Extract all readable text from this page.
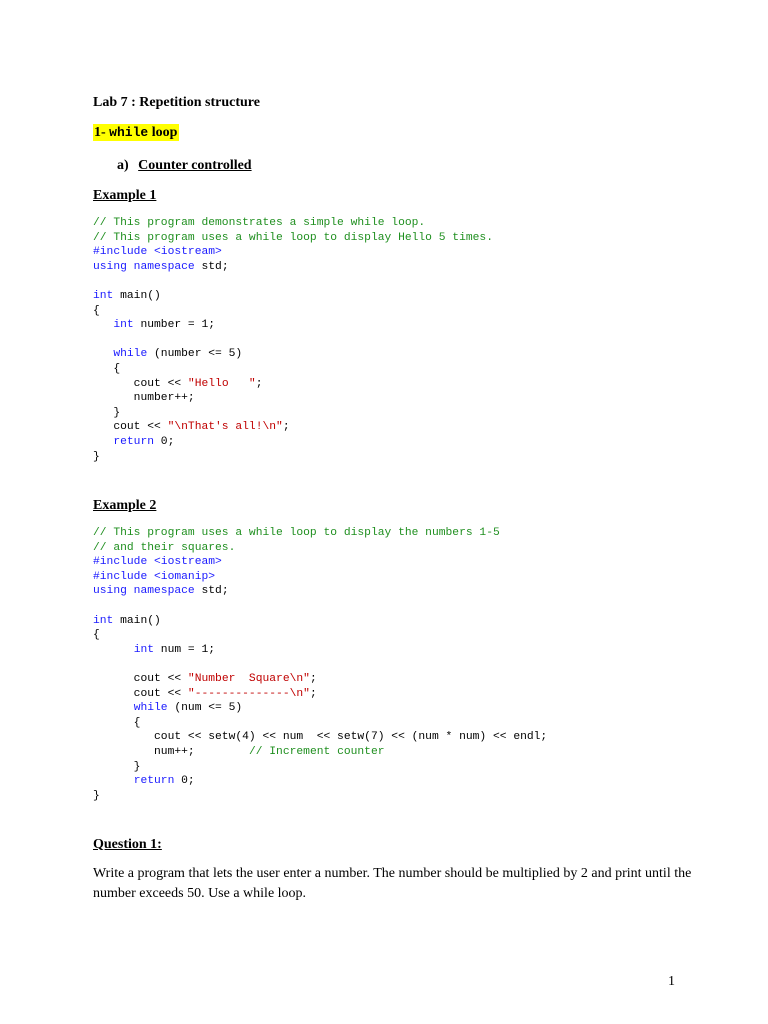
Lab 7 : Repetition structure
1- while loop
a) Counter controlled
Example 1
// This program demonstrates a simple while loop.
// This program uses a while loop to display Hello 5 times.
#include <iostream>
using namespace std;

int main()
{
int number = 1;

while (number <= 5)
{
cout << "Hello   ";
number++;
}
cout << "\nThat's all!\n";
return 0;
}
Example 2
// This program uses a while loop to display the numbers 1-5
// and their squares.
#include <iostream>
#include <iomanip>
using namespace std;

int main()
{
int num = 1;

cout << "Number  Square\n";
cout << "--------------\n";
while (num <= 5)
{
cout << setw(4) << num  << setw(7) << (num * num) << endl;
num++;        // Increment counter
}
return 0;
}
Question 1:
Write a program that lets the user enter a number. The number should be multiplied by 2 and print until the number exceeds 50. Use a while loop.
1
